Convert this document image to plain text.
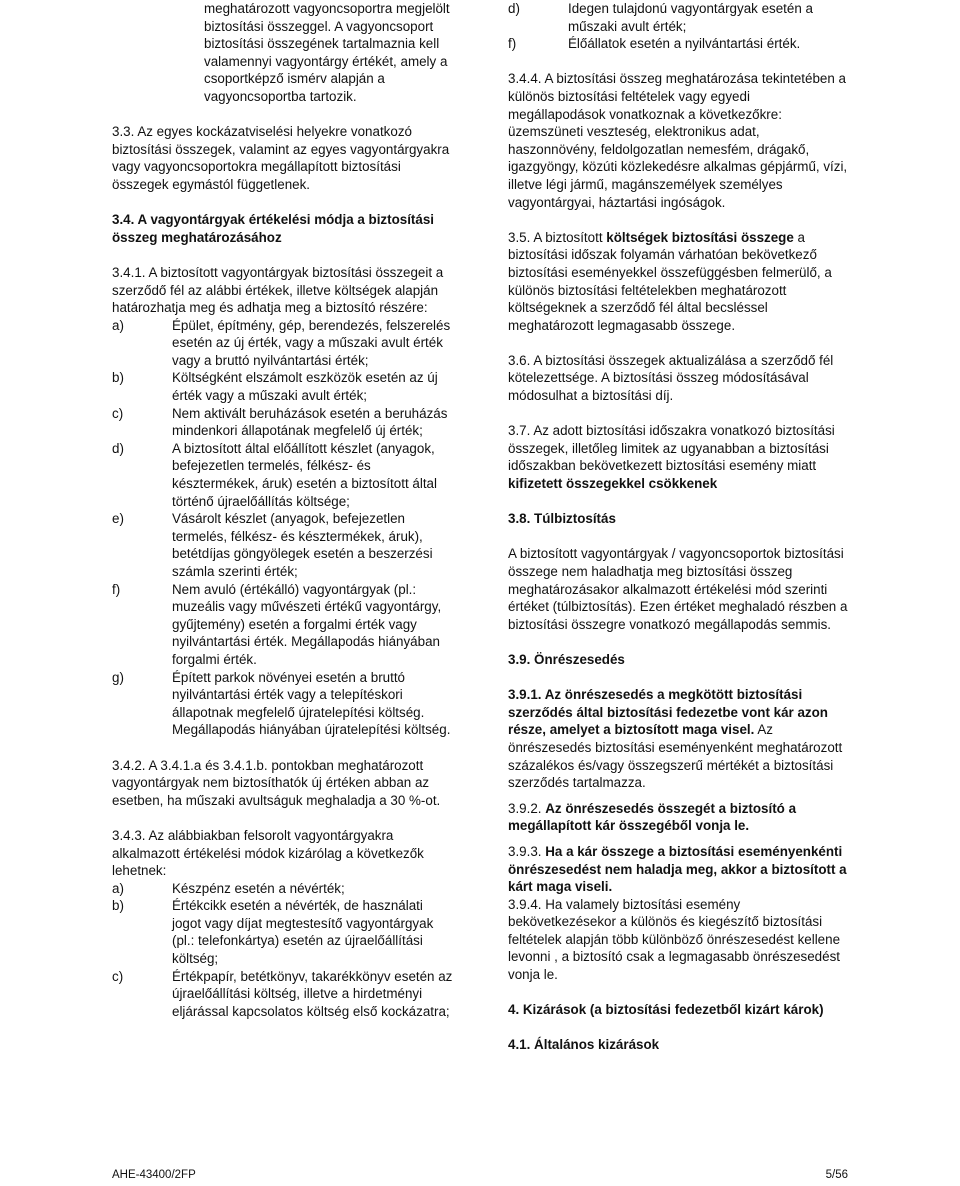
meghatározott vagyoncsoportra megjelölt biztosítási összeggel. A vagyoncsoport biztosítási összegének tartalmaznia kell valamennyi vagyontárgy értékét, amely a csoportképző ismérv alapján a vagyoncsoportba tartozik.

3.3. Az egyes kockázatviselési helyekre vonatkozó biztosítási összegek, valamint az egyes vagyontárgyakra vagy vagyoncsoportokra megállapított biztosítási összegek egymástól függetlenek.

3.4. A vagyontárgyak értékelési módja a biztosítási összeg meghatározásához

3.4.1. A biztosított vagyontárgyak biztosítási összegeit a szerződő fél az alábbi értékek, illetve költségek alapján határozhatja meg és adhatja meg a biztosító részére:

a)	Épület, építmény, gép, berendezés, felszerelés esetén az új érték, vagy a műszaki avult érték vagy a bruttó nyilvántartási érték;
b)	Költségként elszámolt eszközök esetén az új érték vagy a műszaki avult érték;
c)	Nem aktivált beruházások esetén a beruházás mindenkori állapotának megfelelő új érték;
d)	A biztosított által előállított készlet (anyagok, befejezetlen termelés, félkész- és késztermékek, áruk) esetén a biztosított által történő újraelőállítás költsége;
e)	Vásárolt készlet (anyagok, befejezetlen termelés, félkész- és késztermékek, áruk), betétdíjas göngyölegek esetén a beszerzési számla szerinti érték;
f)	Nem avuló (értékálló) vagyontárgyak (pl.: muzeális vagy művészeti értékű vagyontárgy, gyűjtemény) esetén a forgalmi érték vagy nyilvántartási érték. Megállapodás hiányában forgalmi érték.
g)	Épített parkok növényei esetén a bruttó nyilvántartási érték vagy a telepítéskori állapotnak megfelelő újratelepítési költség. Megállapodás hiányában újratelepítési költség.

3.4.2. A 3.4.1.a és 3.4.1.b. pontokban meghatározott vagyontárgyak nem biztosíthatók új értéken abban az esetben, ha műszaki avultságuk meghaladja a 30 %-ot.

3.4.3. Az alábbiakban felsorolt vagyontárgyakra alkalmazott értékelési módok kizárólag a következők lehetnek:

a)	Készpénz esetén a névérték;
b)	Értékcikk esetén a névérték, de használati jogot vagy díjat megtestesítő vagyontárgyak (pl.: telefonkártya) esetén az újraelőállítási költség;
c)	Értékpapír, betétkönyv, takarékkönyv esetén az újraelőállítási költség, illetve a hirdetményi eljárással kapcsolatos költség első kockázatra;
d)	Idegen tulajdonú vagyontárgyak esetén a műszaki avult érték;
f)	Élőállatok esetén a nyilvántartási érték.

3.4.4. A biztosítási összeg meghatározása tekintetében a különös biztosítási feltételek vagy egyedi megállapodások vonatkoznak a következőkre: üzemszüneti veszteség, elektronikus adat, haszonnövény, feldolgozatlan nemesfém, drágakő, igazgyöngy, közúti közlekedésre alkalmas gépjármű, vízi, illetve légi jármű, magánszemélyek személyes vagyontárgyai, háztartási ingóságok.

3.5. A biztosított költségek biztosítási összege a biztosítási időszak folyamán várhatóan bekövetkező biztosítási eseményekkel összefüggésben felmerülő, a különös biztosítási feltételekben meghatározott költségeknek a szerződő fél által becsléssel meghatározott legmagasabb összege.

3.6. A biztosítási összegek aktualizálása a szerződő fél kötelezettsége. A biztosítási összeg módosításával módosulhat a biztosítási díj.

3.7. Az adott biztosítási időszakra vonatkozó biztosítási összegek, illetőleg limitek az ugyanabban a biztosítási időszakban bekövetkezett biztosítási esemény miatt kifizetett összegekkel csökkenek

3.8. Túlbiztosítás

A biztosított vagyontárgyak / vagyoncsoportok biztosítási összege nem haladhatja meg biztosítási összeg meghatározásakor alkalmazott értékelési mód szerinti értéket (túlbiztosítás). Ezen értéket meghaladó részben a biztosítási összegre vonatkozó megállapodás semmis.

3.9. Önrészesedés

3.9.1. Az önrészesedés a megkötött biztosítási szerződés által biztosítási fedezetbe vont kár azon része, amelyet a biztosított maga visel. Az önrészesedés biztosítási eseményenként meghatározott százalékos és/vagy összegszerű mértékét a biztosítási szerződés tartalmazza.

3.9.2. Az önrészesedés összegét a biztosító a megállapított kár összegéből vonja le.

3.9.3. Ha a kár összege a biztosítási eseményenkénti önrészesedést nem haladja meg, akkor a biztosított a kárt maga viseli.

3.9.4. Ha valamely biztosítási esemény bekövetkezésekor a különös és kiegészítő biztosítási feltételek alapján több különböző önrészesedést kellene levonni , a biztosító csak a legmagasabb önrészesedést vonja le.

4. Kizárások (a biztosítási fedezetből kizárt károk)

4.1. Általános kizárások

AHE-43400/2FP	5/56
